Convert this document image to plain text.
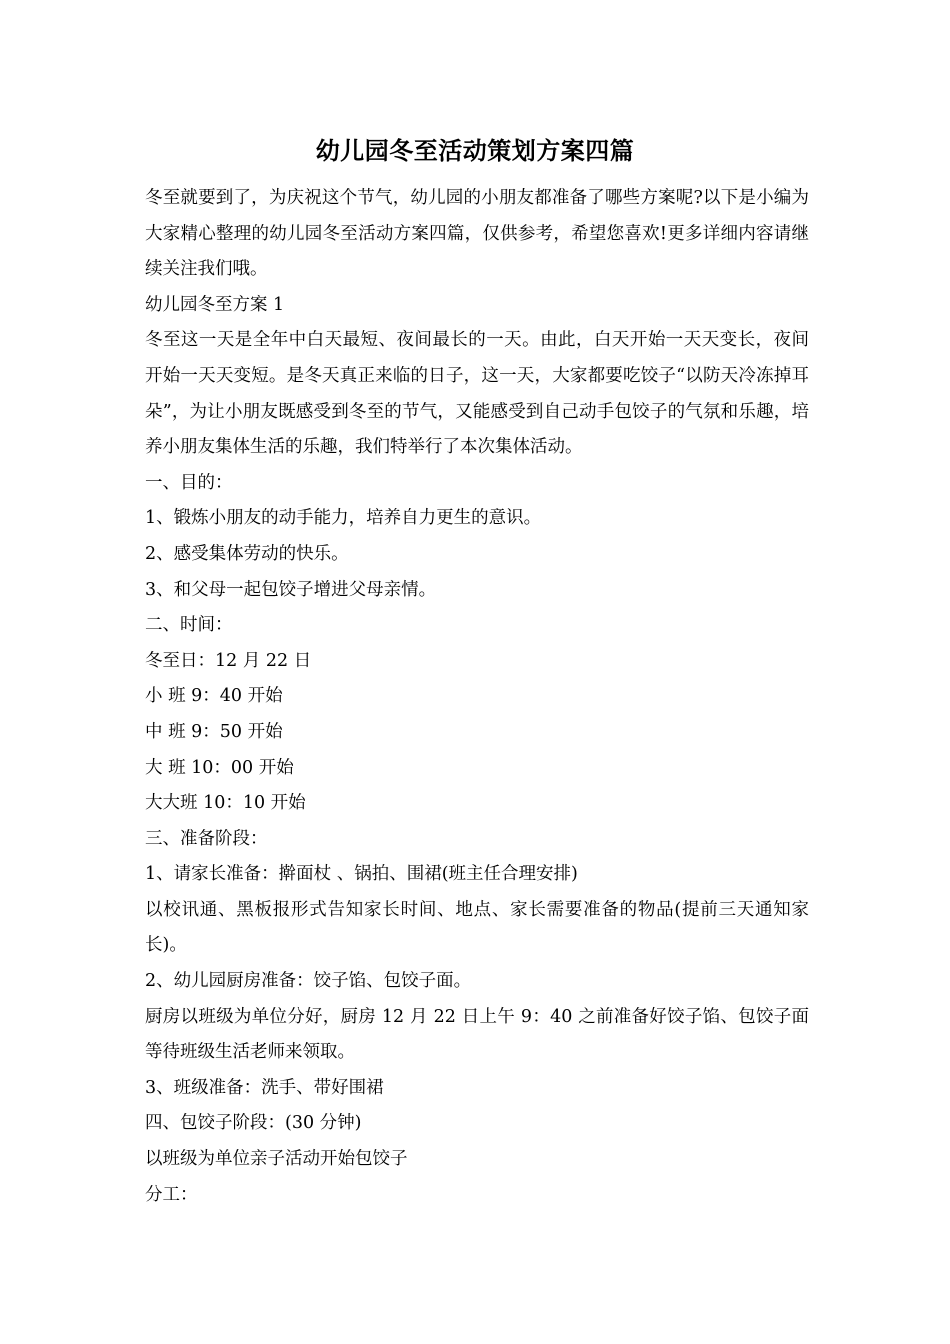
幼儿园冬至活动策划方案四篇

冬至就要到了，为庆祝这个节气，幼儿园的小朋友都准备了哪些方案呢?以下是小编为大家精心整理的幼儿园冬至活动方案四篇，仅供参考，希望您喜欢!更多详细内容请继续关注我们哦。

幼儿园冬至方案 1

冬至这一天是全年中白天最短、夜间最长的一天。由此，白天开始一天天变长，夜间开始一天天变短。是冬天真正来临的日子，这一天，大家都要吃饺子“以防天冷冻掉耳朵”，为让小朋友既感受到冬至的节气，又能感受到自己动手包饺子的气氛和乐趣，培养小朋友集体生活的乐趣，我们特举行了本次集体活动。

一、目的：

1、锻炼小朋友的动手能力，培养自力更生的意识。

2、感受集体劳动的快乐。

3、和父母一起包饺子增进父母亲情。

二、时间：

冬至日：12 月 22 日

小 班 9：40 开始

中 班 9：50 开始

大 班 10：00 开始

大大班 10：10 开始

三、准备阶段：

1、请家长准备：擀面杖 、锅拍、围裙(班主任合理安排)

以校讯通、黑板报形式告知家长时间、地点、家长需要准备的物品(提前三天通知家长)。

2、幼儿园厨房准备：饺子馅、包饺子面。

厨房以班级为单位分好，厨房 12 月 22 日上午 9：40 之前准备好饺子馅、包饺子面等待班级生活老师来领取。

3、班级准备：洗手、带好围裙

四、包饺子阶段：(30 分钟)

以班级为单位亲子活动开始包饺子

分工：
